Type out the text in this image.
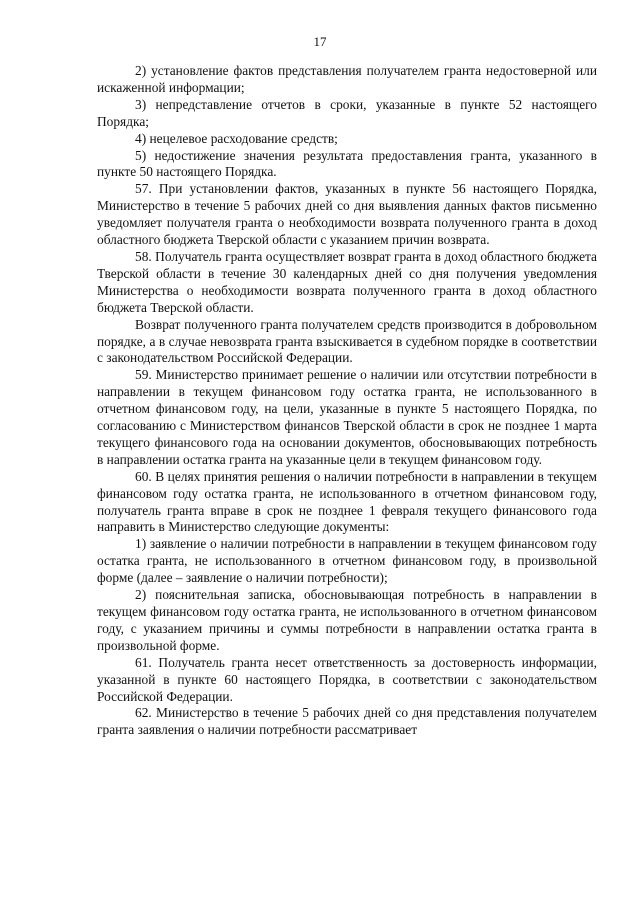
17

2) установление фактов представления получателем гранта недостоверной или искаженной информации;

3) непредставление отчетов в сроки, указанные в пункте 52 настоящего Порядка;

4) нецелевое расходование средств;

5) недостижение значения результата предоставления гранта, указанного в пункте 50 настоящего Порядка.

57. При установлении фактов, указанных в пункте 56 настоящего Порядка, Министерство в течение 5 рабочих дней со дня выявления данных фактов письменно уведомляет получателя гранта о необходимости возврата полученного гранта в доход областного бюджета Тверской области с указанием причин возврата.

58. Получатель гранта осуществляет возврат гранта в доход областного бюджета Тверской области в течение 30 календарных дней со дня получения уведомления Министерства о необходимости возврата полученного гранта в доход областного бюджета Тверской области.

Возврат полученного гранта получателем средств производится в добровольном порядке, а в случае невозврата гранта взыскивается в судебном порядке в соответствии с законодательством Российской Федерации.

59. Министерство принимает решение о наличии или отсутствии потребности в направлении в текущем финансовом году остатка гранта, не использованного в отчетном финансовом году, на цели, указанные в пункте 5 настоящего Порядка, по согласованию с Министерством финансов Тверской области в срок не позднее 1 марта текущего финансового года на основании документов, обосновывающих потребность в направлении остатка гранта на указанные цели в текущем финансовом году.

60. В целях принятия решения о наличии потребности в направлении в текущем финансовом году остатка гранта, не использованного в отчетном финансовом году, получатель гранта вправе в срок не позднее 1 февраля текущего финансового года направить в Министерство следующие документы:

1) заявление о наличии потребности в направлении в текущем финансовом году остатка гранта, не использованного в отчетном финансовом году, в произвольной форме (далее – заявление о наличии потребности);

2) пояснительная записка, обосновывающая потребность в направлении в текущем финансовом году остатка гранта, не использованного в отчетном финансовом году, с указанием причины и суммы потребности в направлении остатка гранта в произвольной форме.

61. Получатель гранта несет ответственность за достоверность информации, указанной в пункте 60 настоящего Порядка, в соответствии с законодательством Российской Федерации.

62. Министерство в течение 5 рабочих дней со дня представления получателем гранта заявления о наличии потребности рассматривает
